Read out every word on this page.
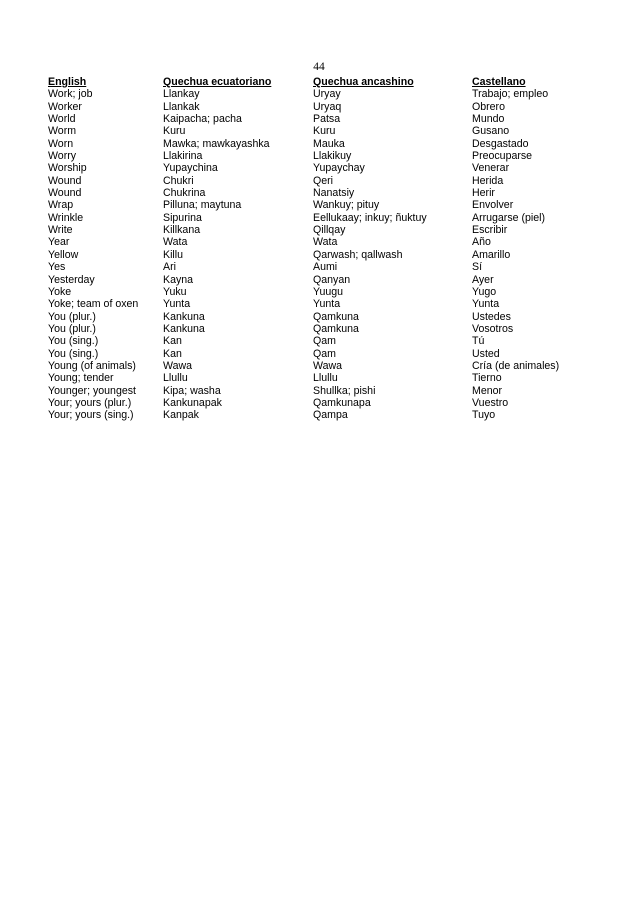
44
English	Quechua ecuatoriano	Quechua ancashino	Castellano
Work; job	Llankay	Uryay	Trabajo; empleo
Worker	Llankak	Uryaq	Obrero
World	Kaipacha; pacha	Patsa	Mundo
Worm	Kuru	Kuru	Gusano
Worn	Mawka; mawkayashka	Mauka	Desgastado
Worry	Llakirina	Llakikuy	Preocuparse
Worship	Yupaychina	Yupaychay	Venerar
Wound	Chukri	Qeri	Herida
Wound	Chukrina	Nanatsiy	Herir
Wrap	Pilluna; maytuna	Wankuy; pituy	Envolver
Wrinkle	Sipurina	Eellukaay; inkuy; ñuktuy	Arrugarse (piel)
Write	Killkana	Qillqay	Escribir
Year	Wata	Wata	Año
Yellow	Killu	Qarwash; qallwash	Amarillo
Yes	Ari	Aumi	Sí
Yesterday	Kayna	Qanyan	Ayer
Yoke	Yuku	Yuugu	Yugo
Yoke; team of oxen	Yunta	Yunta	Yunta
You (plur.)	Kankuna	Qamkuna	Ustedes
You (plur.)	Kankuna	Qamkuna	Vosotros
You (sing.)	Kan	Qam	Tú
You (sing.)	Kan	Qam	Usted
Young (of animals)	Wawa	Wawa	Cría (de animales)
Young; tender	Llullu	Llullu	Tierno
Younger; youngest	Kipa; washa	Shullka; pishi	Menor
Your; yours (plur.)	Kankunapak	Qamkunapa	Vuestro
Your; yours (sing.)	Kanpak	Qampa	Tuyo
